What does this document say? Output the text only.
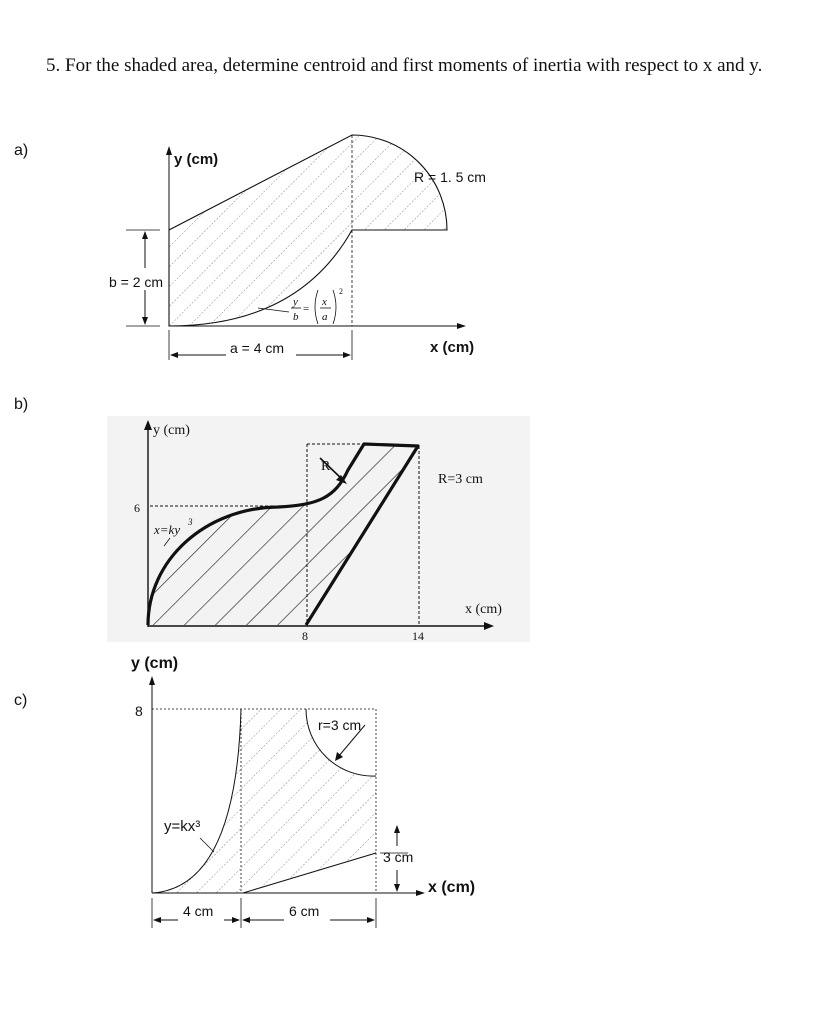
5. For the shaded area, determine centroid and first moments of inertia with respect to x and y.
a)
b)
c)
b = 2 cm
a = 4 cm
y (cm)
x (cm)
R = 1. 5 cm
y
b
=
x
a
2
R
y (cm)
x (cm)
R=3 cm
6
8	14
x=ky 3
y (cm)
8
r=3 cm
y=kx³
3 cm
4 cm	6 cm
x (cm)
